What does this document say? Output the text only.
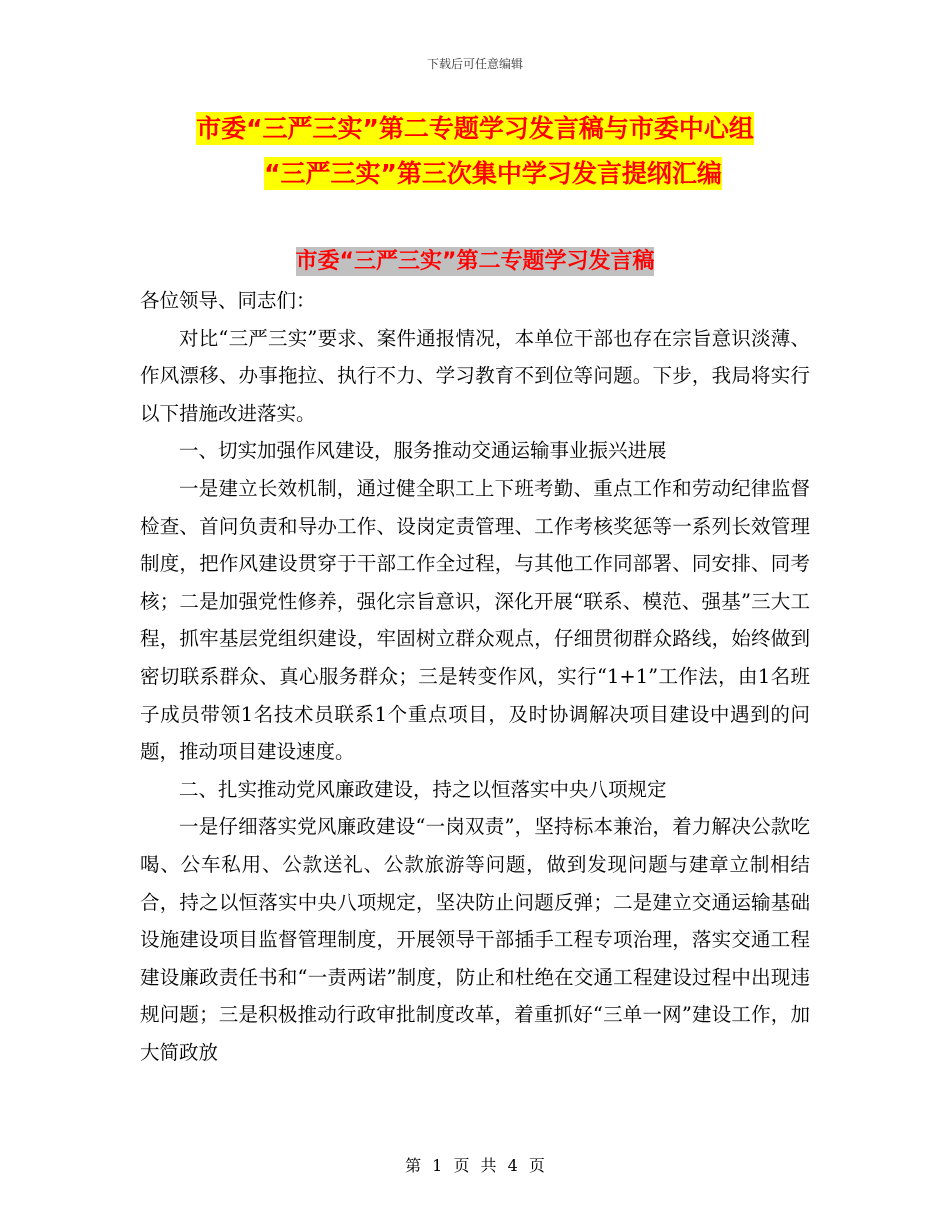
下载后可任意编辑
市委“三严三实”第二专题学习发言稿与市委中心组
“三严三实”第三次集中学习发言提纲汇编
市委“三严三实”第二专题学习发言稿

各位领导、同志们：

对比“三严三实”要求、案件通报情况，本单位干部也存在宗旨意识淡薄、作风漂移、办事拖拉、执行不力、学习教育不到位等问题。下步，我局将实行以下措施改进落实。

一、切实加强作风建设，服务推动交通运输事业振兴进展

一是建立长效机制，通过健全职工上下班考勤、重点工作和劳动纪律监督检查、首问负责和导办工作、设岗定责管理、工作考核奖惩等一系列长效管理制度，把作风建设贯穿于干部工作全过程，与其他工作同部署、同安排、同考核；二是加强党性修养，强化宗旨意识，深化开展“联系、模范、强基”三大工程，抓牢基层党组织建设，牢固树立群众观点，仔细贯彻群众路线，始终做到密切联系群众、真心服务群众；三是转变作风，实行“1+1”工作法，由1名班子成员带领1名技术员联系1个重点项目，及时协调解决项目建设中遇到的问题，推动项目建设速度。

二、扎实推动党风廉政建设，持之以恒落实中央八项规定

一是仔细落实党风廉政建设“一岗双责”，坚持标本兼治，着力解决公款吃喝、公车私用、公款送礼、公款旅游等问题，做到发现问题与建章立制相结合，持之以恒落实中央八项规定，坚决防止问题反弹；二是建立交通运输基础设施建设项目监督管理制度，开展领导干部插手工程专项治理，落实交通工程建设廉政责任书和“一责两诺”制度，防止和杜绝在交通工程建设过程中出现违规问题；三是积极推动行政审批制度改革，着重抓好“三单一网”建设工作，加大简政放

第 1 页 共 4 页
